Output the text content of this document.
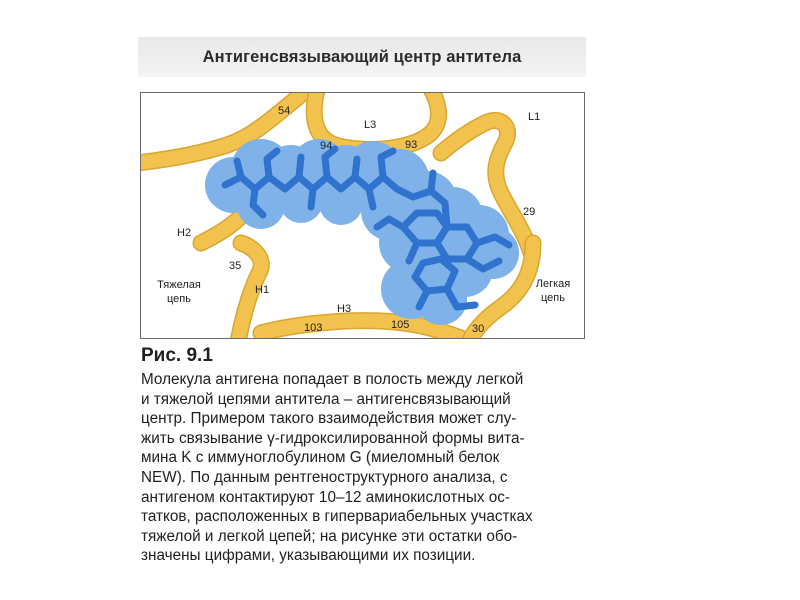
Антигенсвязывающий центр антитела
54
L3
94	93
L1
H2
29
35
Тяжелая
цепь
H1	Легкая
цепь
H3
103	105	30
Рис. 9.1
Молекула антигена попадает в полость между легкой
и тяжелой цепями антитела – антигенсвязывающий
центр. Примером такого взаимодействия может слу-
жить связывание γ-гидроксилированной формы вита-
мина K с иммуноглобулином G (миеломный белок
NEW). По данным рентгеноструктурного анализа, с
антигеном контактируют 10–12 аминокислотных ос-
татков, расположенных в гипервариабельных участках
тяжелой и легкой цепей; на рисунке эти остатки обо-
значены цифрами, указывающими их позиции.
